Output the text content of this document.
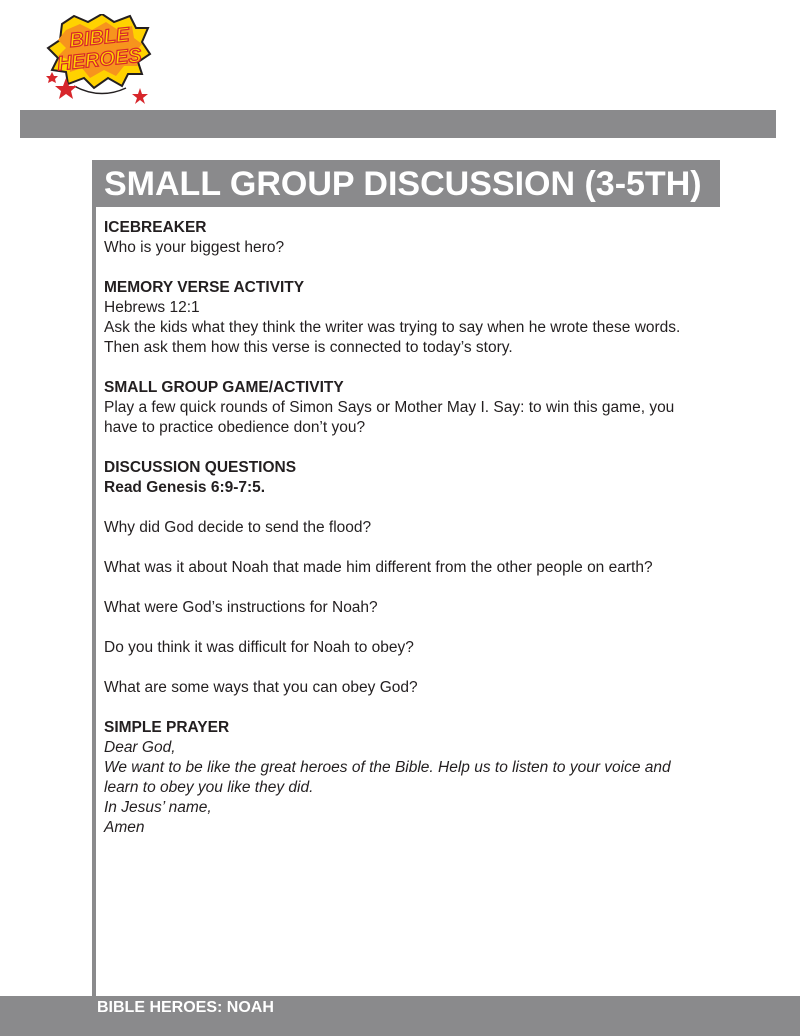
BIBLE
HEROES
SMALL GROUP DISCUSSION (3-5TH)
ICEBREAKER

Who is your biggest hero?

MEMORY VERSE ACTIVITY

Hebrews 12:1

Ask the kids what they think the writer was trying to say when he wrote these words.

Then ask them how this verse is connected to today’s story.

SMALL GROUP GAME/ACTIVITY

Play a few quick rounds of Simon Says or Mother May I. Say: to win this game, you

have to practice obedience don’t you?

DISCUSSION QUESTIONS

Read Genesis 6:9-7:5.

Why did God decide to send the flood?

What was it about Noah that made him different from the other people on earth?

What were God’s instructions for Noah?

Do you think it was difficult for Noah to obey?

What are some ways that you can obey God?

SIMPLE PRAYER

Dear God,

We want to be like the great heroes of the Bible. Help us to listen to your voice and

learn to obey you like they did.

In Jesus’ name,

Amen

BIBLE HEROES: NOAH
